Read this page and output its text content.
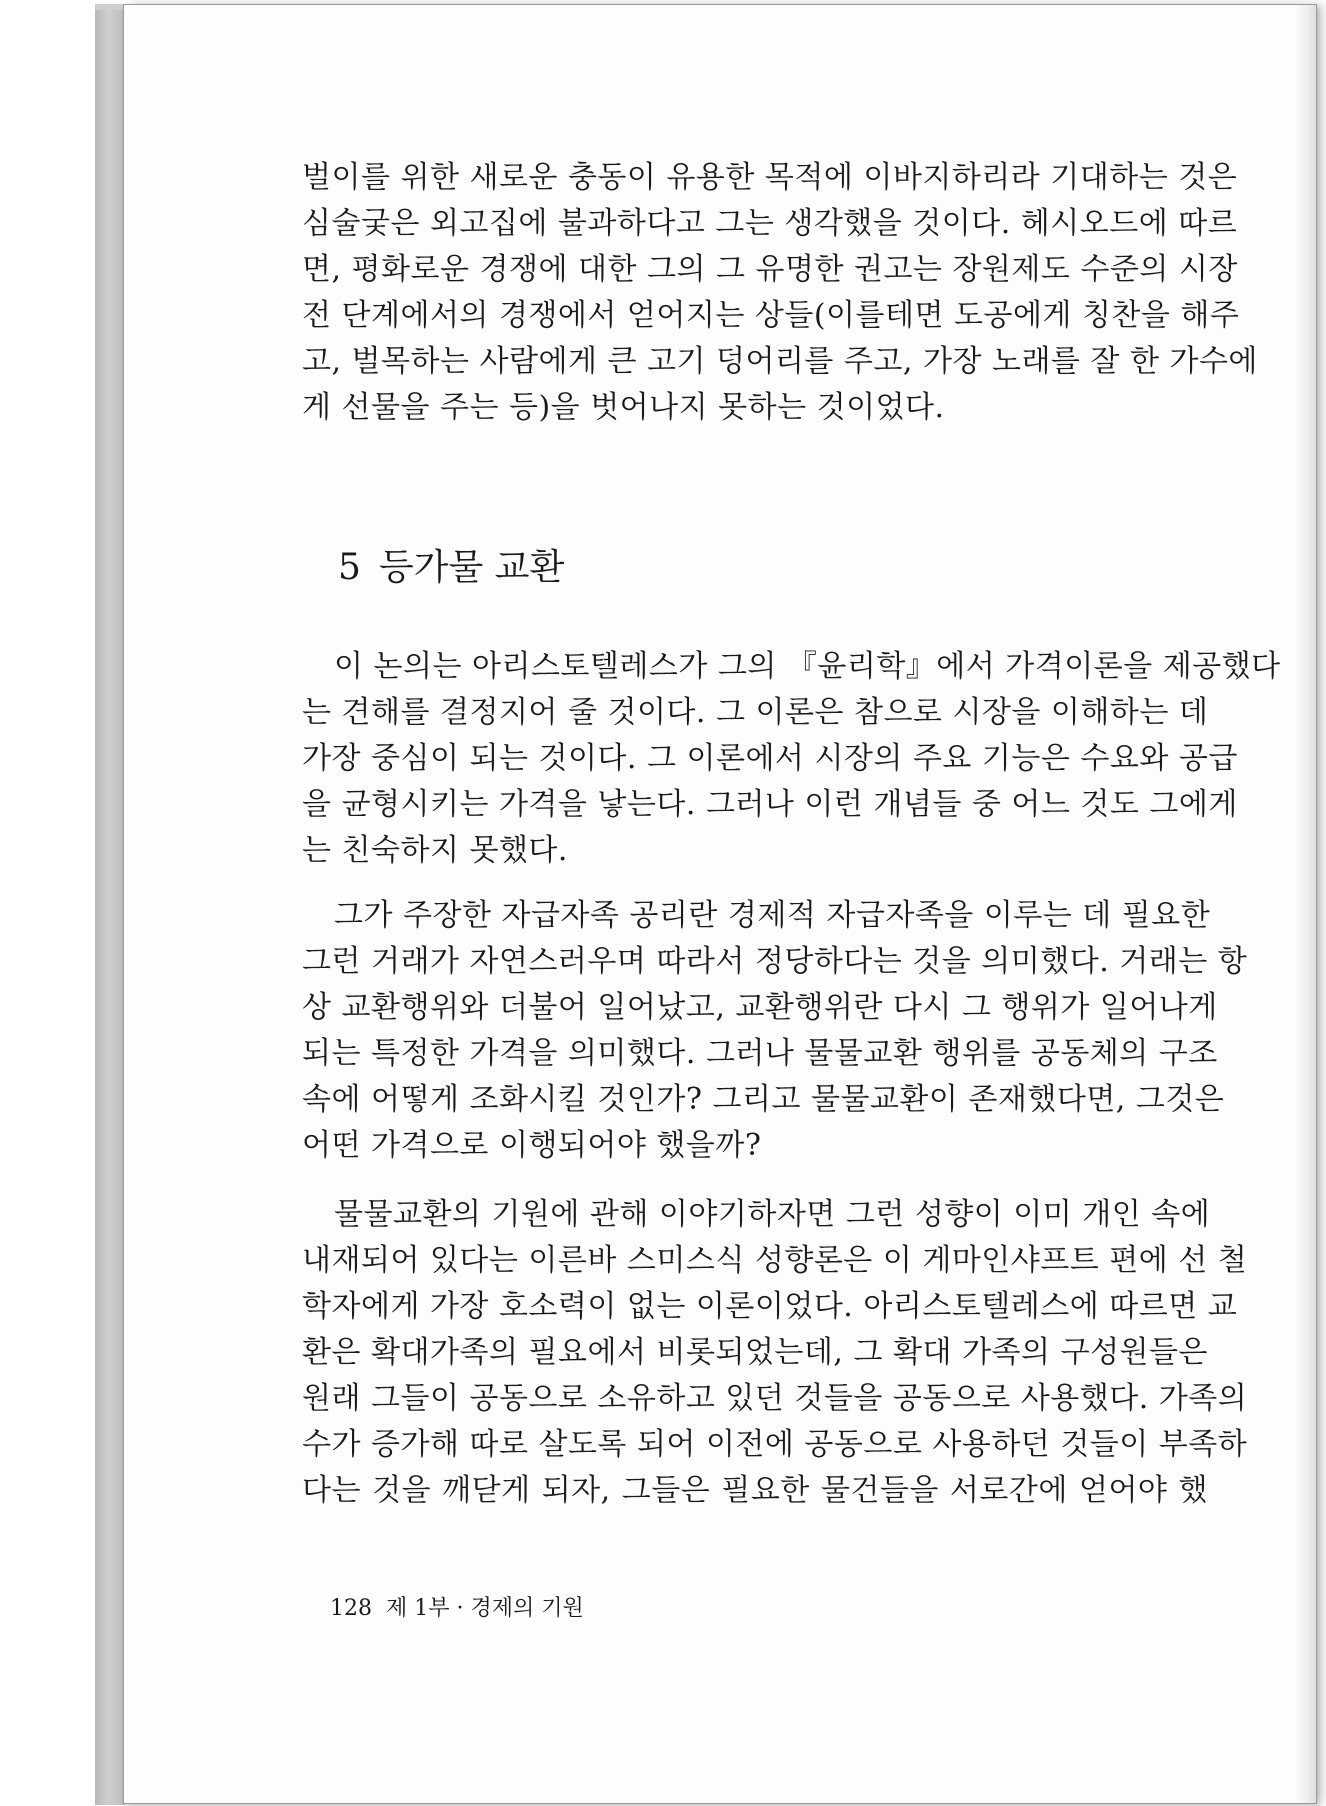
벌이를 위한 새로운 충동이 유용한 목적에 이바지하리라 기대하는 것은
심술궂은 외고집에 불과하다고 그는 생각했을 것이다. 헤시오드에 따르
면, 평화로운 경쟁에 대한 그의 그 유명한 권고는 장원제도 수준의 시장
전 단계에서의 경쟁에서 얻어지는 상들(이를테면 도공에게 칭찬을 해주
고, 벌목하는 사람에게 큰 고기 덩어리를 주고, 가장 노래를 잘 한 가수에
게 선물을 주는 등)을 벗어나지 못하는 것이었다.
5 등가물 교환
이 논의는 아리스토텔레스가 그의 『윤리학』에서 가격이론을 제공했다
는 견해를 결정지어 줄 것이다. 그 이론은 참으로 시장을 이해하는 데
가장 중심이 되는 것이다. 그 이론에서 시장의 주요 기능은 수요와 공급
을 균형시키는 가격을 낳는다. 그러나 이런 개념들 중 어느 것도 그에게
는 친숙하지 못했다.
그가 주장한 자급자족 공리란 경제적 자급자족을 이루는 데 필요한
그런 거래가 자연스러우며 따라서 정당하다는 것을 의미했다. 거래는 항
상 교환행위와 더불어 일어났고, 교환행위란 다시 그 행위가 일어나게
되는 특정한 가격을 의미했다. 그러나 물물교환 행위를 공동체의 구조
속에 어떻게 조화시킬 것인가? 그리고 물물교환이 존재했다면, 그것은
어떤 가격으로 이행되어야 했을까?
물물교환의 기원에 관해 이야기하자면 그런 성향이 이미 개인 속에
내재되어 있다는 이른바 스미스식 성향론은 이 게마인샤프트 편에 선 철
학자에게 가장 호소력이 없는 이론이었다. 아리스토텔레스에 따르면 교
환은 확대가족의 필요에서 비롯되었는데, 그 확대 가족의 구성원들은
원래 그들이 공동으로 소유하고 있던 것들을 공동으로 사용했다. 가족의
수가 증가해 따로 살도록 되어 이전에 공동으로 사용하던 것들이 부족하
다는 것을 깨닫게 되자, 그들은 필요한 물건들을 서로간에 얻어야 했
128 제 1부 · 경제의 기원
